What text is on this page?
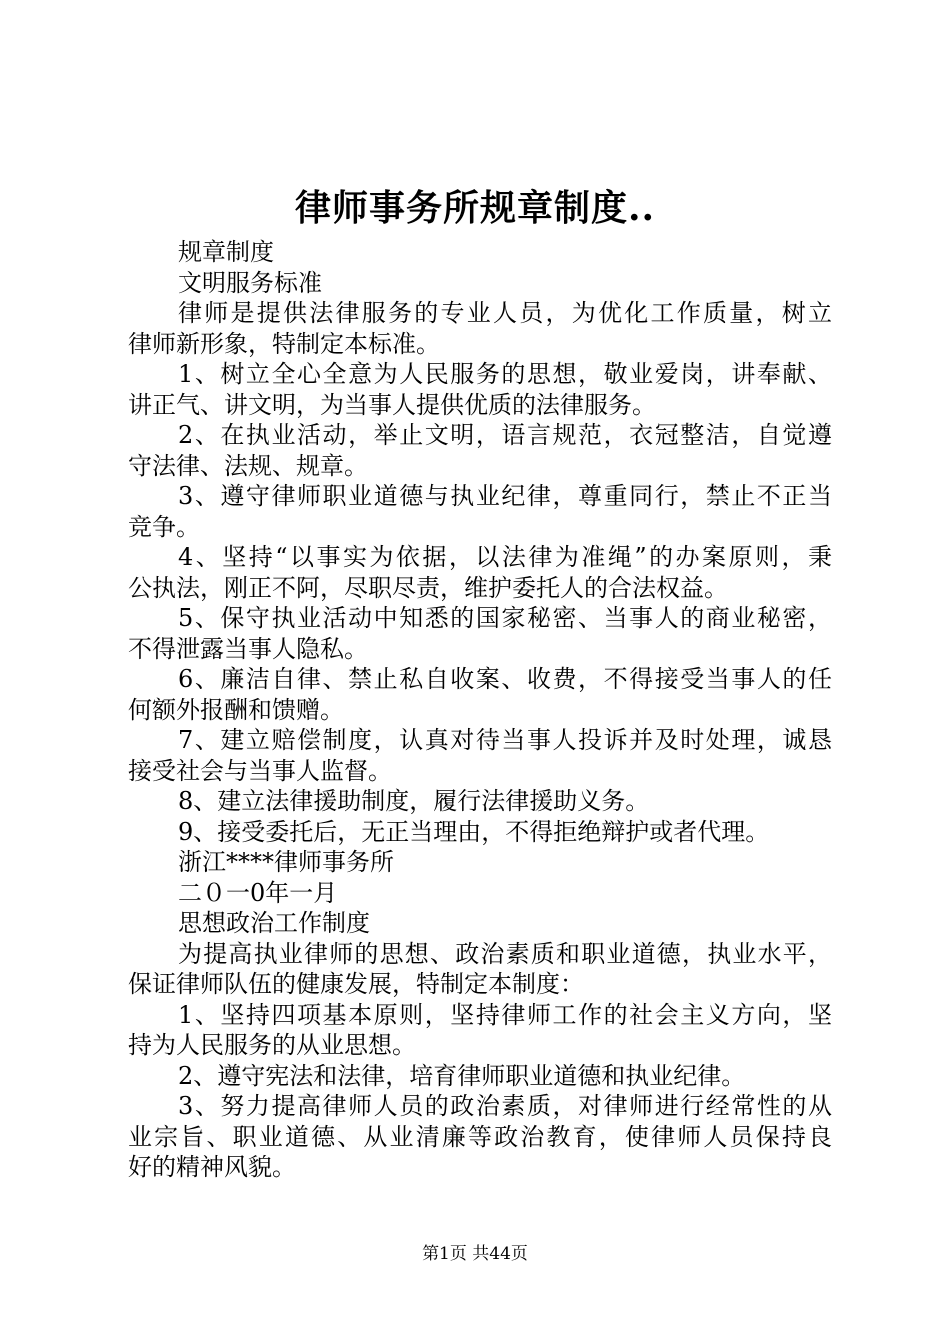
律师事务所规章制度..
规章制度
文明服务标准
律师是提供法律服务的专业人员，为优化工作质量，树立
律师新形象，特制定本标准。
1、树立全心全意为人民服务的思想，敬业爱岗，讲奉献、
讲正气、讲文明，为当事人提供优质的法律服务。
2、在执业活动，举止文明，语言规范，衣冠整洁，自觉遵
守法律、法规、规章。
3、遵守律师职业道德与执业纪律，尊重同行，禁止不正当
竞争。
4、坚持“以事实为依据，以法律为准绳”的办案原则，秉
公执法，刚正不阿，尽职尽责，维护委托人的合法权益。
5、保守执业活动中知悉的国家秘密、当事人的商业秘密，
不得泄露当事人隐私。
6、廉洁自律、禁止私自收案、收费，不得接受当事人的任
何额外报酬和馈赠。
7、建立赔偿制度，认真对待当事人投诉并及时处理，诚恳
接受社会与当事人监督。
8、建立法律援助制度，履行法律援助义务。
9、接受委托后，无正当理由，不得拒绝辩护或者代理。
浙江****律师事务所
二０一0年一月
思想政治工作制度
为提高执业律师的思想、政治素质和职业道德，执业水平，
保证律师队伍的健康发展，特制定本制度：
1、坚持四项基本原则，坚持律师工作的社会主义方向，坚
持为人民服务的从业思想。
2、遵守宪法和法律，培育律师职业道德和执业纪律。
3、努力提高律师人员的政治素质，对律师进行经常性的从
业宗旨、职业道德、从业清廉等政治教育，使律师人员保持良
好的精神风貌。
第1页 共44页
